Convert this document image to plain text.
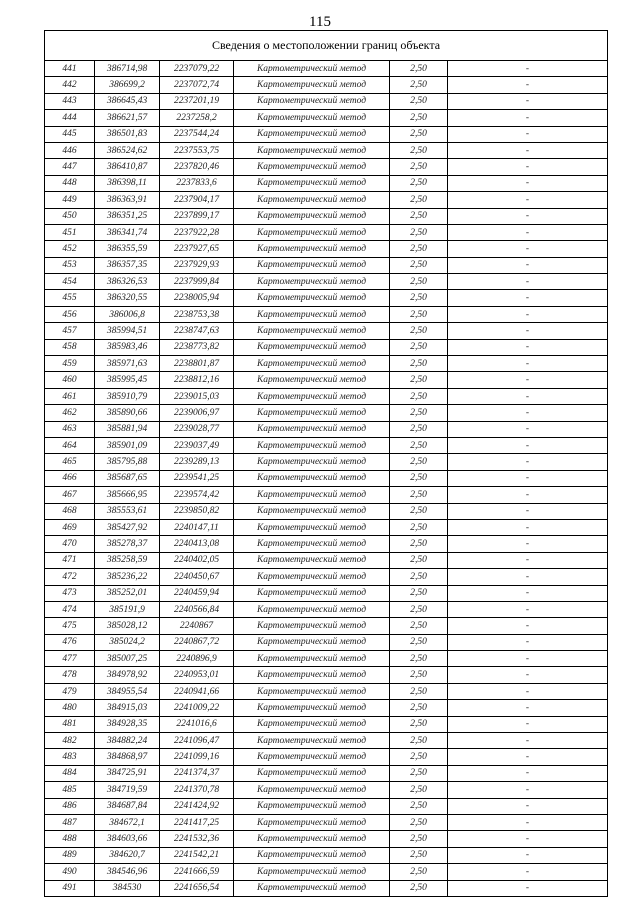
115
Сведения о местоположении границ объекта					
441	386714,98	2237079,22	Картометрический метод	2,50	-
442	386699,2	2237072,74	Картометрический метод	2,50	-
443	386645,43	2237201,19	Картометрический метод	2,50	-
444	386621,57	2237258,2	Картометрический метод	2,50	-
445	386501,83	2237544,24	Картометрический метод	2,50	-
446	386524,62	2237553,75	Картометрический метод	2,50	-
447	386410,87	2237820,46	Картометрический метод	2,50	-
448	386398,11	2237833,6	Картометрический метод	2,50	-
449	386363,91	2237904,17	Картометрический метод	2,50	-
450	386351,25	2237899,17	Картометрический метод	2,50	-
451	386341,74	2237922,28	Картометрический метод	2,50	-
452	386355,59	2237927,65	Картометрический метод	2,50	-
453	386357,35	2237929,93	Картометрический метод	2,50	-
454	386326,53	2237999,84	Картометрический метод	2,50	-
455	386320,55	2238005,94	Картометрический метод	2,50	-
456	386006,8	2238753,38	Картометрический метод	2,50	-
457	385994,51	2238747,63	Картометрический метод	2,50	-
458	385983,46	2238773,82	Картометрический метод	2,50	-
459	385971,63	2238801,87	Картометрический метод	2,50	-
460	385995,45	2238812,16	Картометрический метод	2,50	-
461	385910,79	2239015,03	Картометрический метод	2,50	-
462	385890,66	2239006,97	Картометрический метод	2,50	-
463	385881,94	2239028,77	Картометрический метод	2,50	-
464	385901,09	2239037,49	Картометрический метод	2,50	-
465	385795,88	2239289,13	Картометрический метод	2,50	-
466	385687,65	2239541,25	Картометрический метод	2,50	-
467	385666,95	2239574,42	Картометрический метод	2,50	-
468	385553,61	2239850,82	Картометрический метод	2,50	-
469	385427,92	2240147,11	Картометрический метод	2,50	-
470	385278,37	2240413,08	Картометрический метод	2,50	-
471	385258,59	2240402,05	Картометрический метод	2,50	-
472	385236,22	2240450,67	Картометрический метод	2,50	-
473	385252,01	2240459,94	Картометрический метод	2,50	-
474	385191,9	2240566,84	Картометрический метод	2,50	-
475	385028,12	2240867	Картометрический метод	2,50	-
476	385024,2	2240867,72	Картометрический метод	2,50	-
477	385007,25	2240896,9	Картометрический метод	2,50	-
478	384978,92	2240953,01	Картометрический метод	2,50	-
479	384955,54	2240941,66	Картометрический метод	2,50	-
480	384915,03	2241009,22	Картометрический метод	2,50	-
481	384928,35	2241016,6	Картометрический метод	2,50	-
482	384882,24	2241096,47	Картометрический метод	2,50	-
483	384868,97	2241099,16	Картометрический метод	2,50	-
484	384725,91	2241374,37	Картометрический метод	2,50	-
485	384719,59	2241370,78	Картометрический метод	2,50	-
486	384687,84	2241424,92	Картометрический метод	2,50	-
487	384672,1	2241417,25	Картометрический метод	2,50	-
488	384603,66	2241532,36	Картометрический метод	2,50	-
489	384620,7	2241542,21	Картометрический метод	2,50	-
490	384546,96	2241666,59	Картометрический метод	2,50	-
491	384530	2241656,54	Картометрический метод	2,50	-
